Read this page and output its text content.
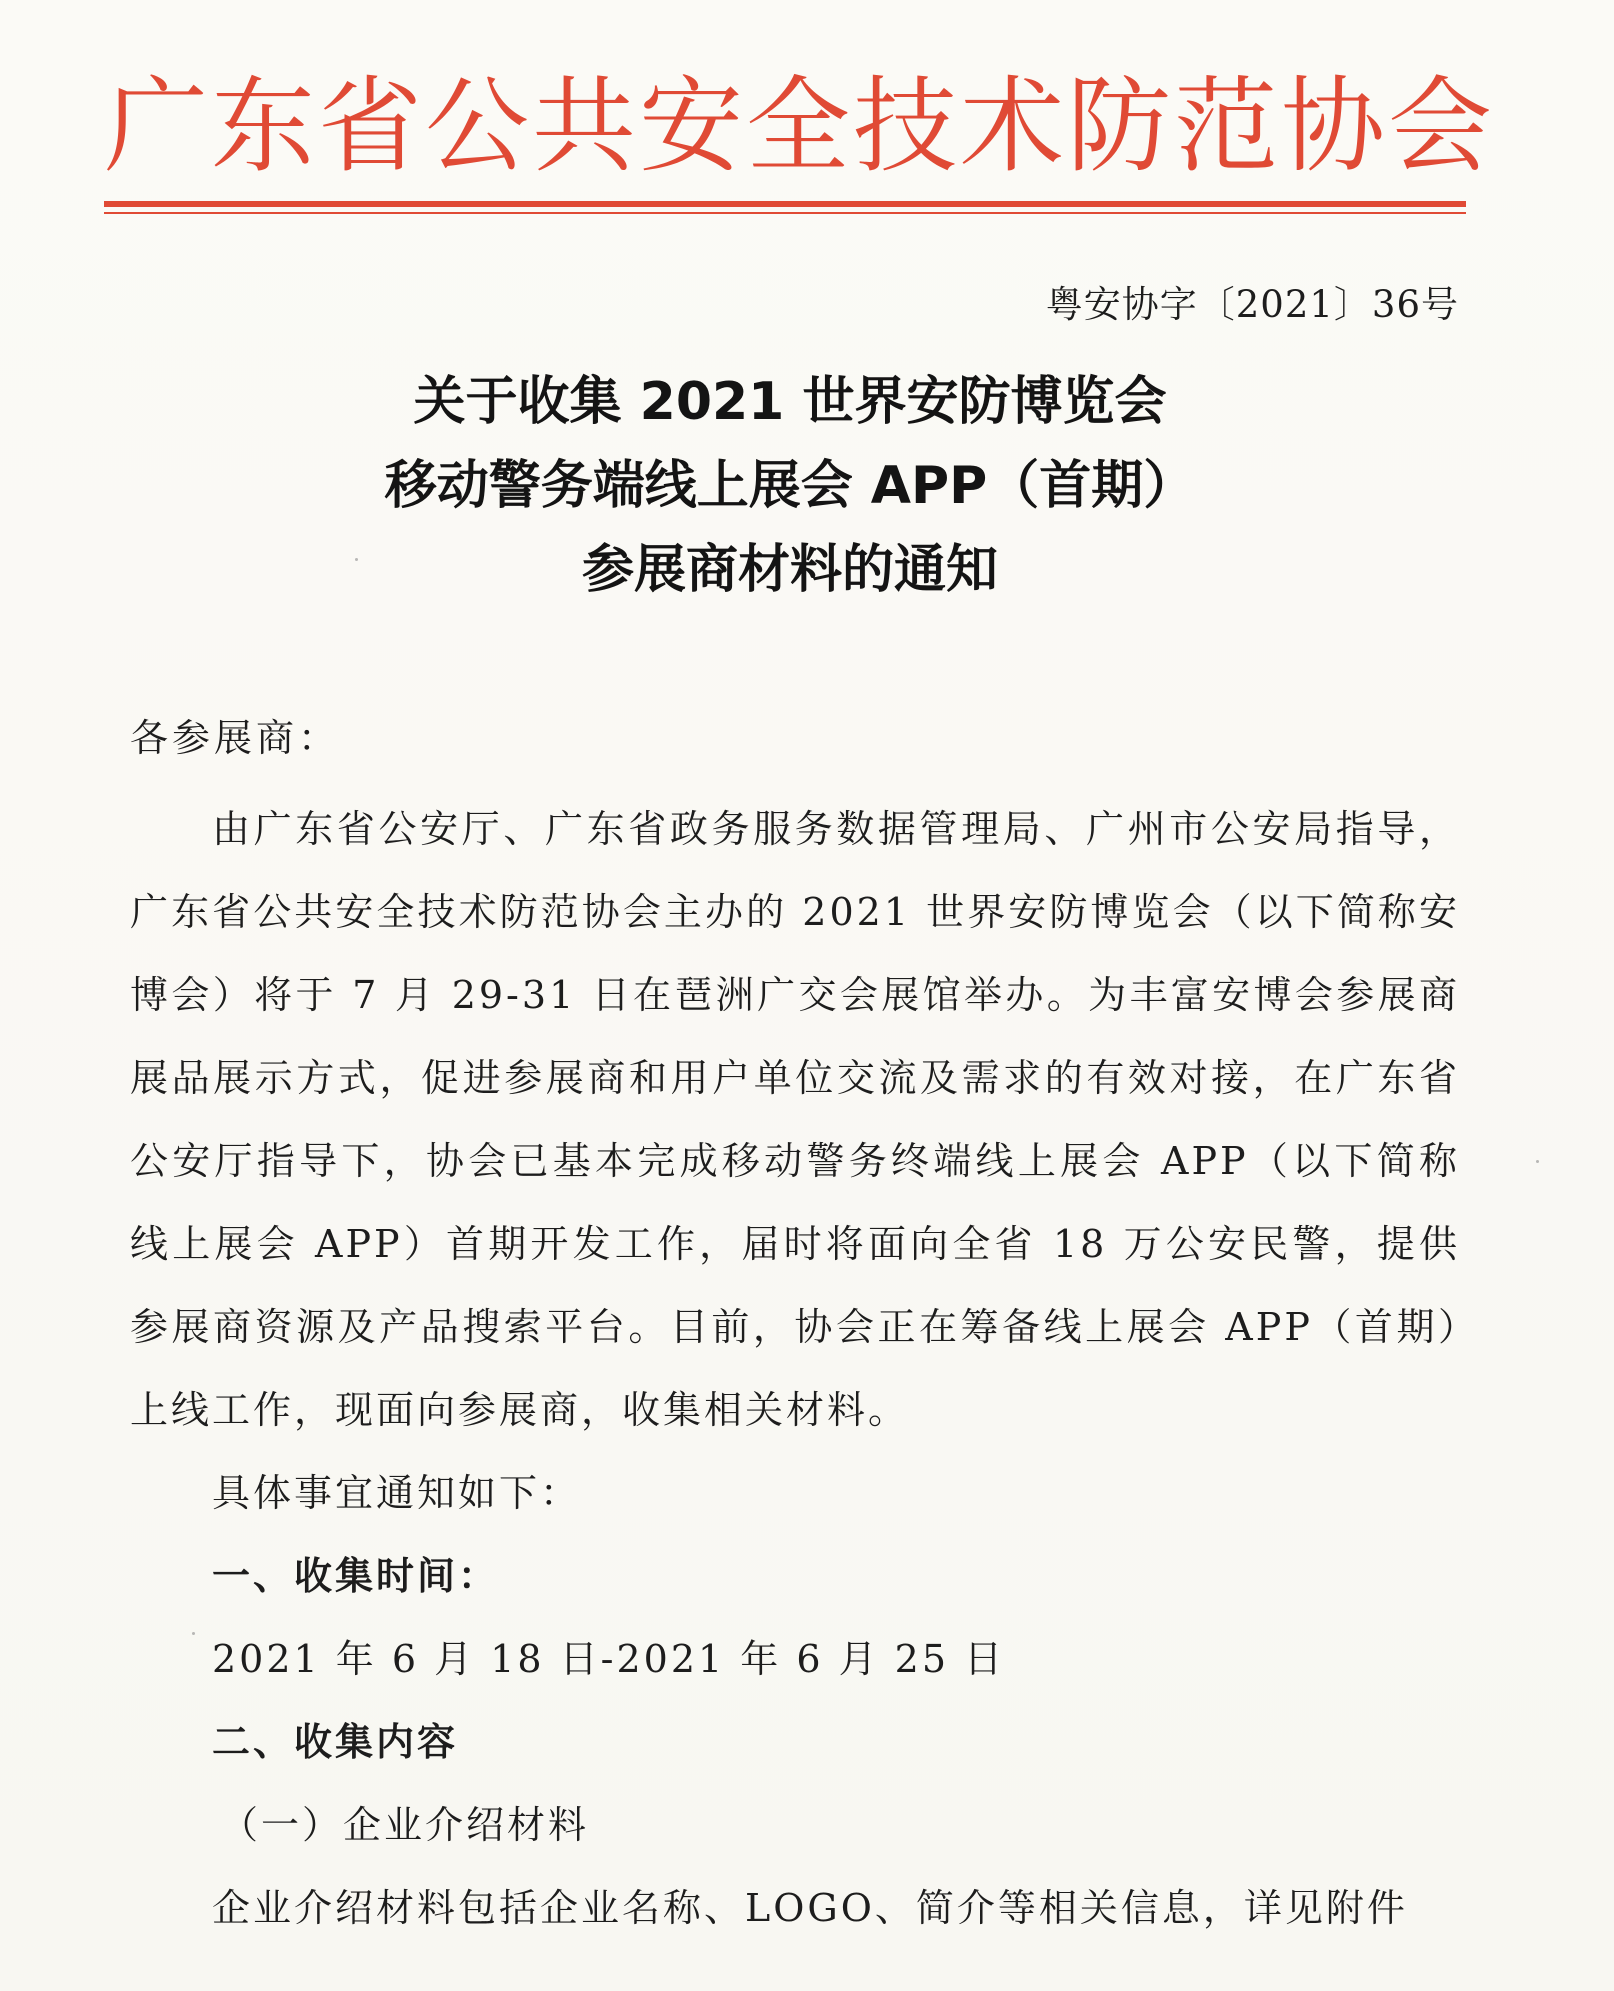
广东省公共安全技术防范协会

粤安协字〔2021〕36号

关于收集 2021 世界安防博览会
移动警务端线上展会 APP（首期）
参展商材料的通知

各参展商：

由广东省公安厅、广东省政务服务数据管理局、广州市公安局指导，广东省公共安全技术防范协会主办的 2021 世界安防博览会（以下简称安博会）将于 7 月 29-31 日在琶洲广交会展馆举办。为丰富安博会参展商展品展示方式，促进参展商和用户单位交流及需求的有效对接，在广东省公安厅指导下，协会已基本完成移动警务终端线上展会 APP（以下简称线上展会 APP）首期开发工作，届时将面向全省 18 万公安民警，提供参展商资源及产品搜索平台。目前，协会正在筹备线上展会 APP（首期）上线工作，现面向参展商，收集相关材料。

具体事宜通知如下：

一、收集时间：

2021 年 6 月 18 日-2021 年 6 月 25 日

二、收集内容

（一）企业介绍材料

企业介绍材料包括企业名称、LOGO、简介等相关信息，详见附件
